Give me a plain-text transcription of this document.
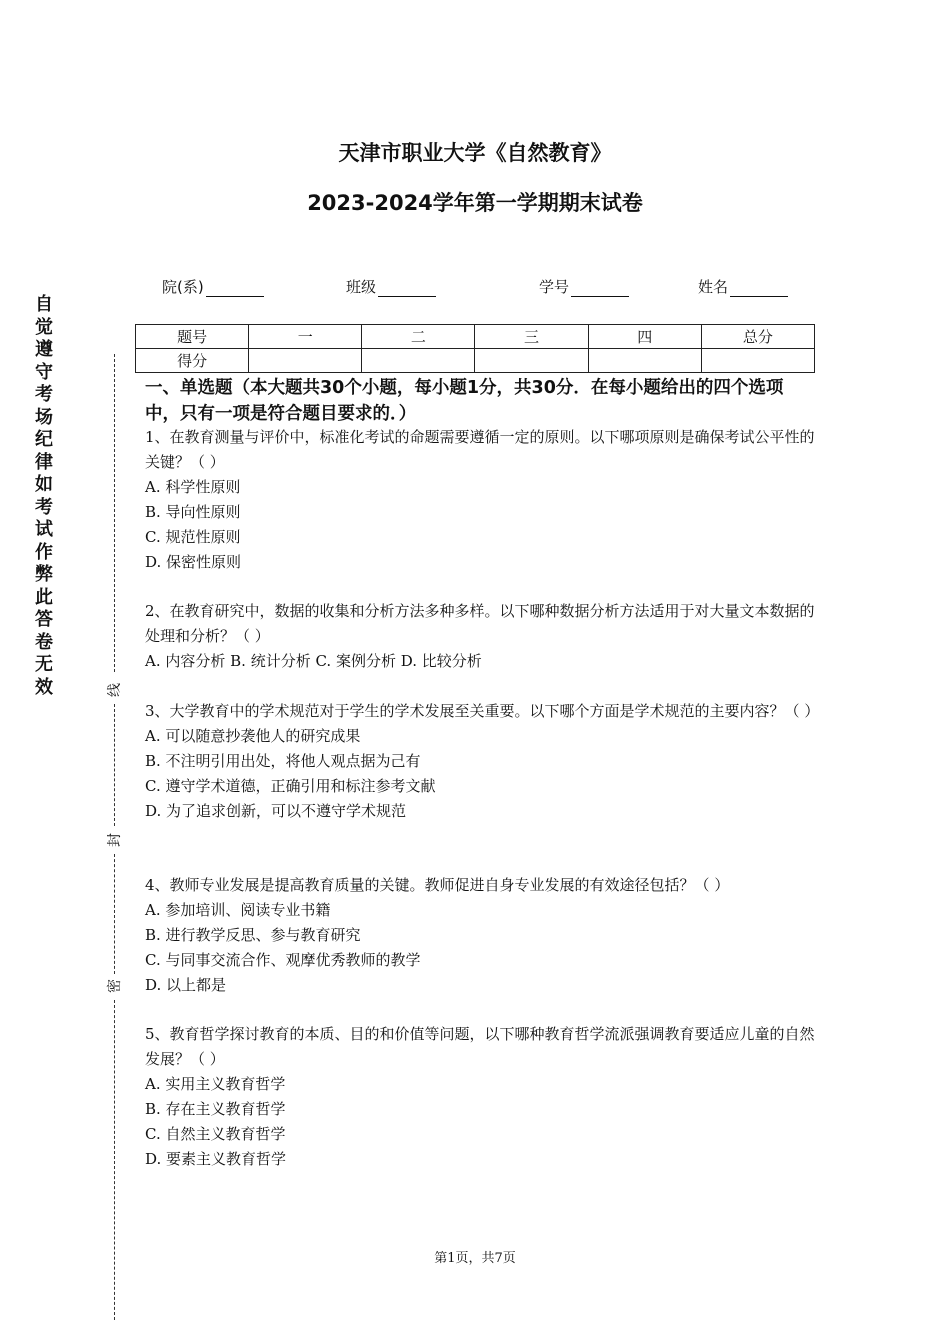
天津市职业大学《自然教育》
2023-2024学年第一学期期末试卷
院(系)	班级	学号	姓名
题号	一	二	三	四	总分
得分					
自觉遵守考场纪律如考试作弊此答卷无效	线
封
密
一、单选题（本大题共30个小题，每小题1分，共30分．在每小题给出的四个选项中，只有一项是符合题目要求的．）

1、在教育测量与评价中，标准化考试的命题需要遵循一定的原则。以下哪项原则是确保考试公平性的关键？（ ）

A. 科学性原则

B. 导向性原则

C. 规范性原则

D. 保密性原则

2、在教育研究中，数据的收集和分析方法多种多样。以下哪种数据分析方法适用于对大量文本数据的处理和分析？（ ）

A. 内容分析 B. 统计分析 C. 案例分析 D. 比较分析

3、大学教育中的学术规范对于学生的学术发展至关重要。以下哪个方面是学术规范的主要内容？（ ）

A. 可以随意抄袭他人的研究成果

B. 不注明引用出处，将他人观点据为己有

C. 遵守学术道德，正确引用和标注参考文献

D. 为了追求创新，可以不遵守学术规范

4、教师专业发展是提高教育质量的关键。教师促进自身专业发展的有效途径包括？（ ）

A. 参加培训、阅读专业书籍

B. 进行教学反思、参与教育研究

C. 与同事交流合作、观摩优秀教师的教学

D. 以上都是

5、教育哲学探讨教育的本质、目的和价值等问题，以下哪种教育哲学流派强调教育要适应儿童的自然发展？（ ）

A. 实用主义教育哲学

B. 存在主义教育哲学

C. 自然主义教育哲学

D. 要素主义教育哲学

第1页，共7页
